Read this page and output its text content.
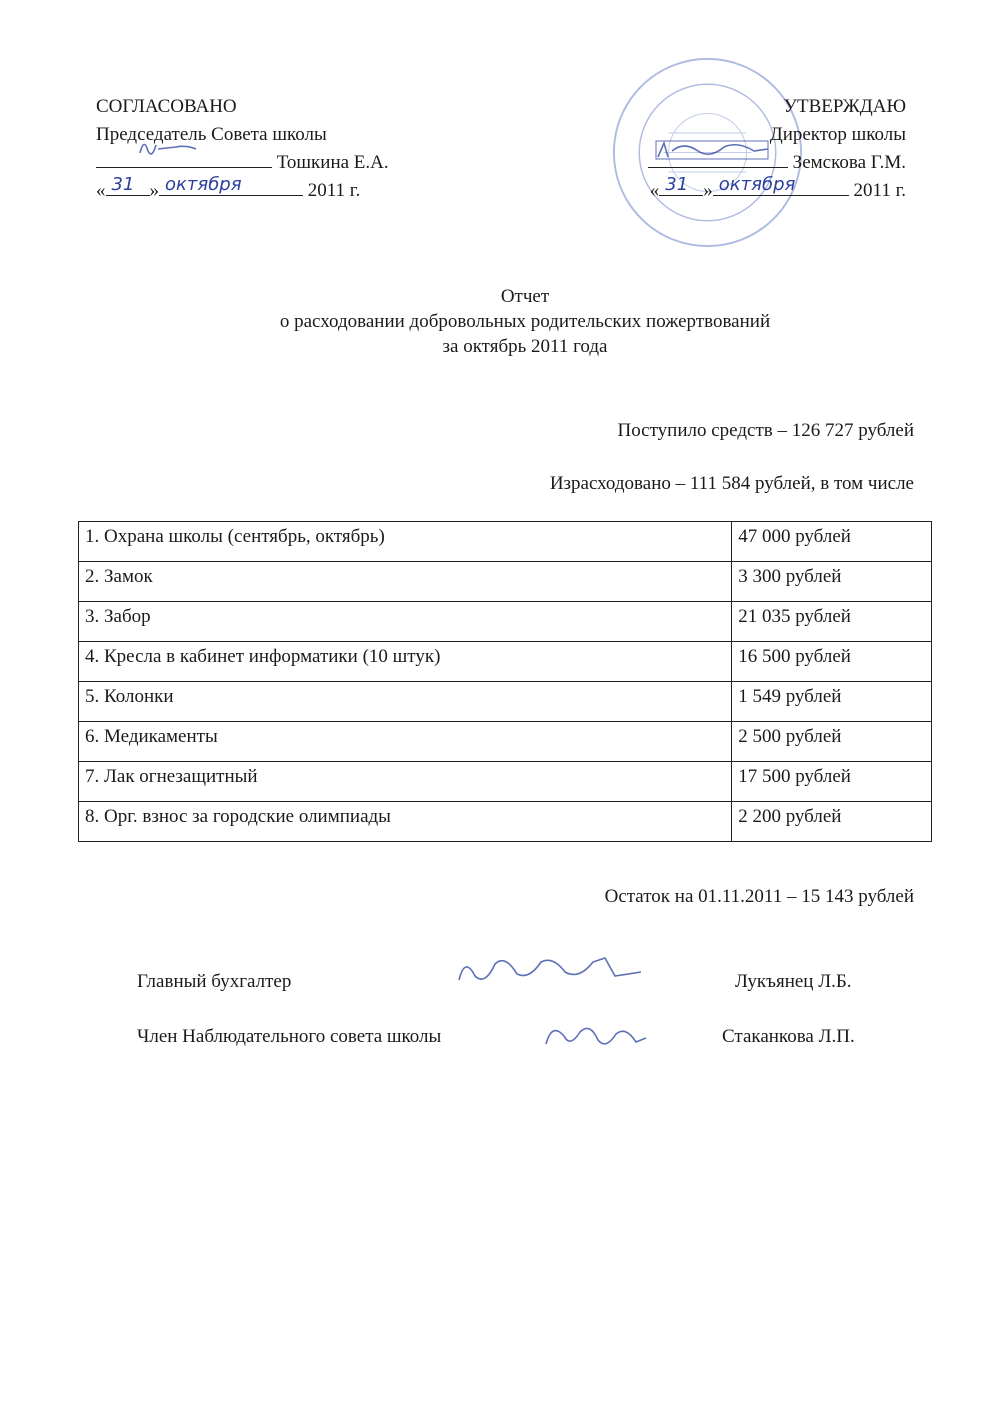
СОГЛАСОВАНО
Председатель Совета школы
Тошкина Е.А.
« 31 » октября	2011 г.
УТВЕРЖДАЮ
Директор школы
Земскова Г.М.
« 31 » октября	2011 г.
Отчет
о расходовании добровольных родительских пожертвований
за октябрь 2011 года
Поступило средств – 126 727 рублей
Израсходовано – 111 584 рублей, в том числе
1. Охрана школы (сентябрь, октябрь)	47 000 рублей
2. Замок	3 300 рублей
3. Забор	21 035 рублей
4. Кресла в кабинет информатики (10 штук)	16 500 рублей
5. Колонки	1 549 рублей
6. Медикаменты	2 500 рублей
7. Лак огнезащитный	17 500 рублей
8. Орг. взнос за городские олимпиады	2 200 рублей
Остаток на 01.11.2011 – 15 143 рублей
Главный бухгалтер	Лукъянец Л.Б.
Член Наблюдательного совета школы	Стаканкова Л.П.
